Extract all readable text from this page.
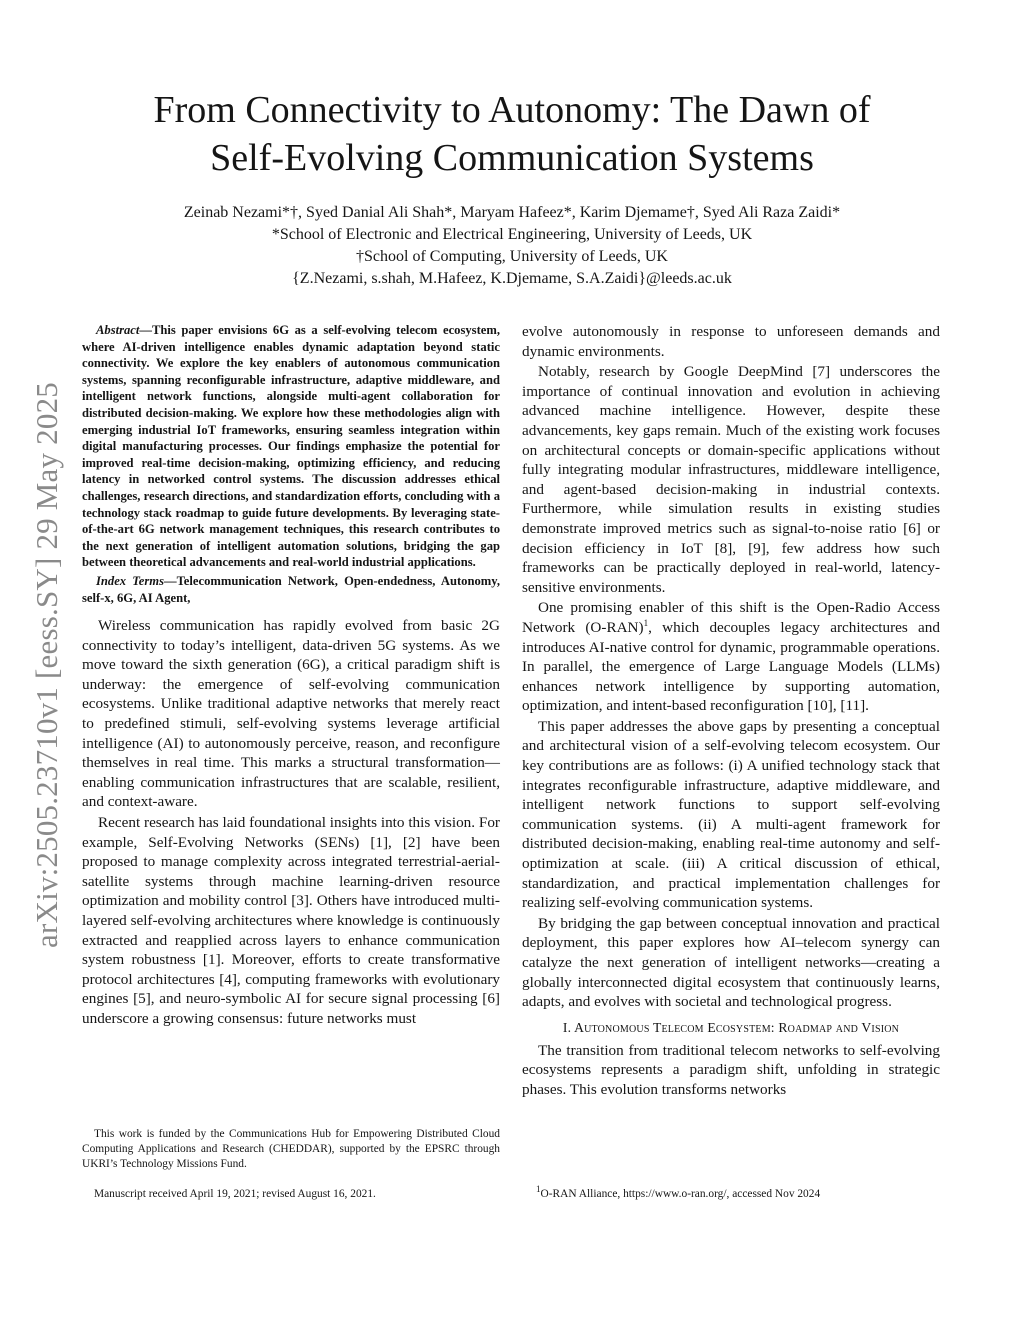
From Connectivity to Autonomy: The Dawn of
Self-Evolving Communication Systems
Zeinab Nezami*†, Syed Danial Ali Shah*, Maryam Hafeez*, Karim Djemame†, Syed Ali Raza Zaidi*
*School of Electronic and Electrical Engineering, University of Leeds, UK
†School of Computing, University of Leeds, UK
{Z.Nezami, s.shah, M.Hafeez, K.Djemame, S.A.Zaidi}@leeds.ac.uk
arXiv:2505.23710v1 [eess.SY] 29 May 2025

Abstract—This paper envisions 6G as a self-evolving telecom ecosystem, where AI-driven intelligence enables dynamic adaptation beyond static connectivity. We explore the key enablers of autonomous communication systems, spanning reconfigurable infrastructure, adaptive middleware, and intelligent network functions, alongside multi-agent collaboration for distributed decision-making. We explore how these methodologies align with emerging industrial IoT frameworks, ensuring seamless integration within digital manufacturing processes. Our findings emphasize the potential for improved real-time decision-making, optimizing efficiency, and reducing latency in networked control systems. The discussion addresses ethical challenges, research directions, and standardization efforts, concluding with a technology stack roadmap to guide future developments. By leveraging state-of-the-art 6G network management techniques, this research contributes to the next generation of intelligent automation solutions, bridging the gap between theoretical advancements and real-world industrial applications.

Index Terms—Telecommunication Network, Open-endedness, Autonomy, self-x, 6G, AI Agent,

Wireless communication has rapidly evolved from basic 2G connectivity to today’s intelligent, data-driven 5G systems. As we move toward the sixth generation (6G), a critical paradigm shift is underway: the emergence of self-evolving communication ecosystems. Unlike traditional adaptive networks that merely react to predefined stimuli, self-evolving systems leverage artificial intelligence (AI) to autonomously perceive, reason, and reconfigure themselves in real time. This marks a structural transformation—enabling communication infrastructures that are scalable, resilient, and context-aware.

Recent research has laid foundational insights into this vision. For example, Self-Evolving Networks (SENs) [1], [2] have been proposed to manage complexity across integrated terrestrial-aerial-satellite systems through machine learning-driven resource optimization and mobility control [3]. Others have introduced multi-layered self-evolving architectures where knowledge is continuously extracted and reapplied across layers to enhance communication system robustness [1]. Moreover, efforts to create transformative protocol architectures [4], computing frameworks with evolutionary engines [5], and neuro-symbolic AI for secure signal processing [6] underscore a growing consensus: future networks must

evolve autonomously in response to unforeseen demands and dynamic environments.

Notably, research by Google DeepMind [7] underscores the importance of continual innovation and evolution in achieving advanced machine intelligence. However, despite these advancements, key gaps remain. Much of the existing work focuses on architectural concepts or domain-specific applications without fully integrating modular infrastructures, middleware intelligence, and agent-based decision-making in industrial contexts. Furthermore, while simulation results in existing studies demonstrate improved metrics such as signal-to-noise ratio [6] or decision efficiency in IoT [8], [9], few address how such frameworks can be practically deployed in real-world, latency-sensitive environments.

One promising enabler of this shift is the Open-Radio Access Network $(O-RAN)^1$, which decouples legacy architectures and introduces AI-native control for dynamic, programmable operations. In parallel, the emergence of Large Language Models (LLMs) enhances network intelligence by supporting automation, optimization, and intent-based reconfiguration [10], [11].

This paper addresses the above gaps by presenting a conceptual and architectural vision of a self-evolving telecom ecosystem. Our key contributions are as follows: (i) A unified technology stack that integrates reconfigurable infrastructure, adaptive middleware, and intelligent network functions to support self-evolving communication systems. (ii) A multi-agent framework for distributed decision-making, enabling real-time autonomy and self-optimization at scale. (iii) A critical discussion of ethical, standardization, and practical implementation challenges for realizing self-evolving communication systems.

By bridging the gap between conceptual innovation and practical deployment, this paper explores how AI–telecom synergy can catalyze the next generation of intelligent networks—creating a globally interconnected digital ecosystem that continuously learns, adapts, and evolves with societal and technological progress.

I. Autonomous Telecom Ecosystem: Roadmap and Vision

The transition from traditional telecom networks to self-evolving ecosystems represents a paradigm shift, unfolding in strategic phases. This evolution transforms networks

This work is funded by the Communications Hub for Empowering Distributed Cloud Computing Applications and Research (CHEDDAR), supported by the EPSRC through UKRI’s Technology Missions Fund.
Manuscript received April 19, 2021; revised August 16, 2021.	$^1$O-RAN Alliance, https://www.o-ran.org/, accessed Nov 2024
